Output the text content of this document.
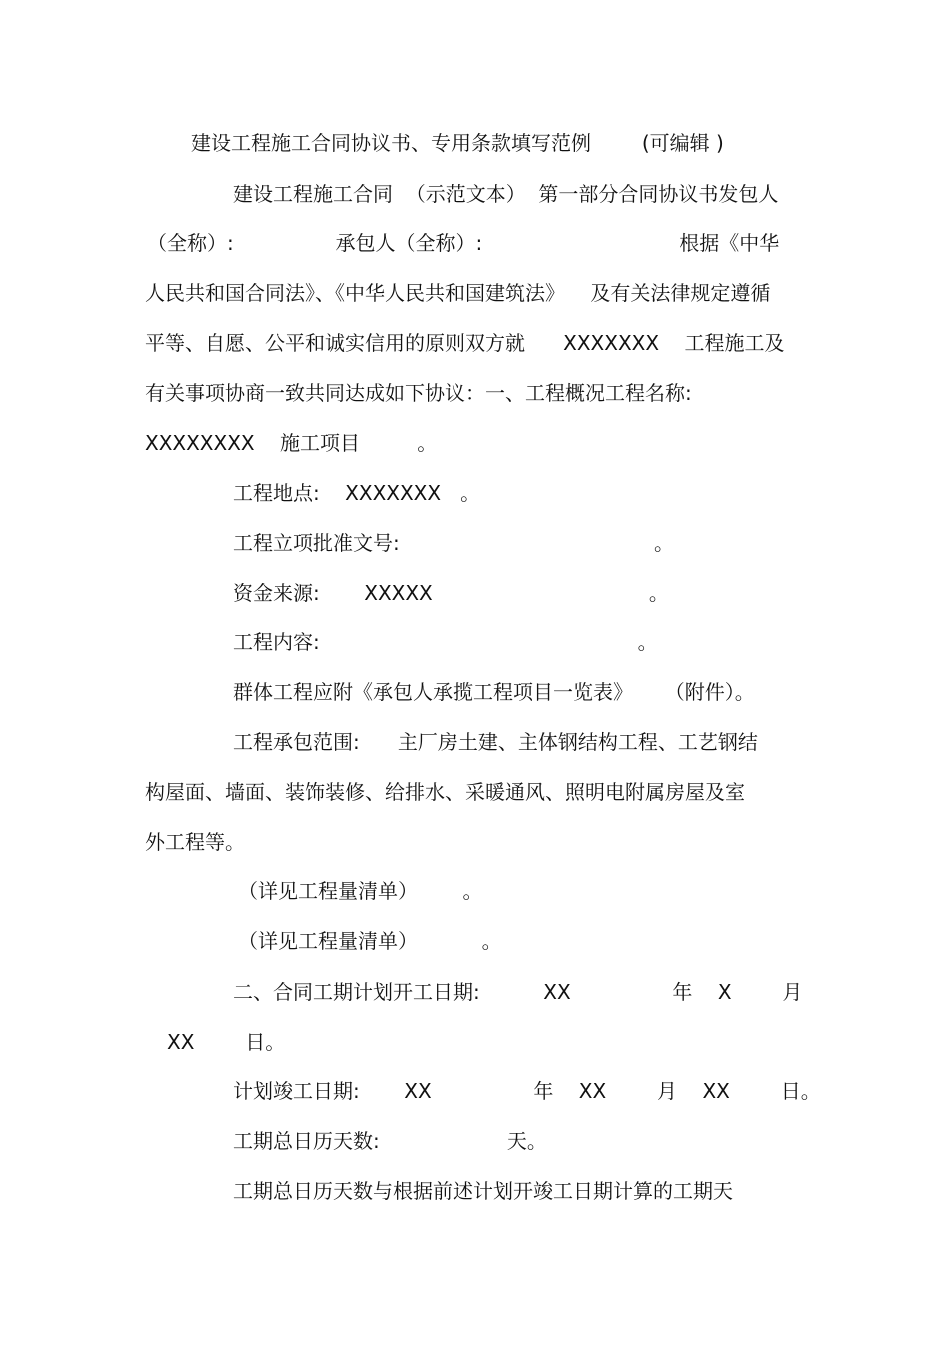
建设工程施工合同协议书、专用条款填写范例        (可编辑 )

建设工程施工合同  （示范文本）  第一部分合同协议书发包人

（全称）:                承包人（全称）:                               根据《中华

人民共和国合同法》、《中华人民共和国建筑法》    及有关法律规定遵循

平等、自愿、公平和诚实信用的原则双方就      XXXXXXX    工程施工及

有关事项协商一致共同达成如下协议：一、工程概况工程名称:

XXXXXXXX    施工项目         。

工程地点:    XXXXXXX   。

工程立项批准文号:                                        。

资金来源:       XXXXX                                  。

工程内容:                                                  。

群体工程应附《承包人承揽工程项目一览表》     （附件）。

工程承包范围:      主厂房土建、主体钢结构工程、工艺钢结

构屋面、墙面、装饰装修、给排水、采暖通风、照明电附属房屋及室

外工程等。

（详见工程量清单）       。

（详见工程量清单）          。

二、合同工期计划开工日期:          XX                年    X        月

XX        日。

计划竣工日期:       XX                年    XX        月    XX        日。

工期总日历天数:                    天。

工期总日历天数与根据前述计划开竣工日期计算的工期天
